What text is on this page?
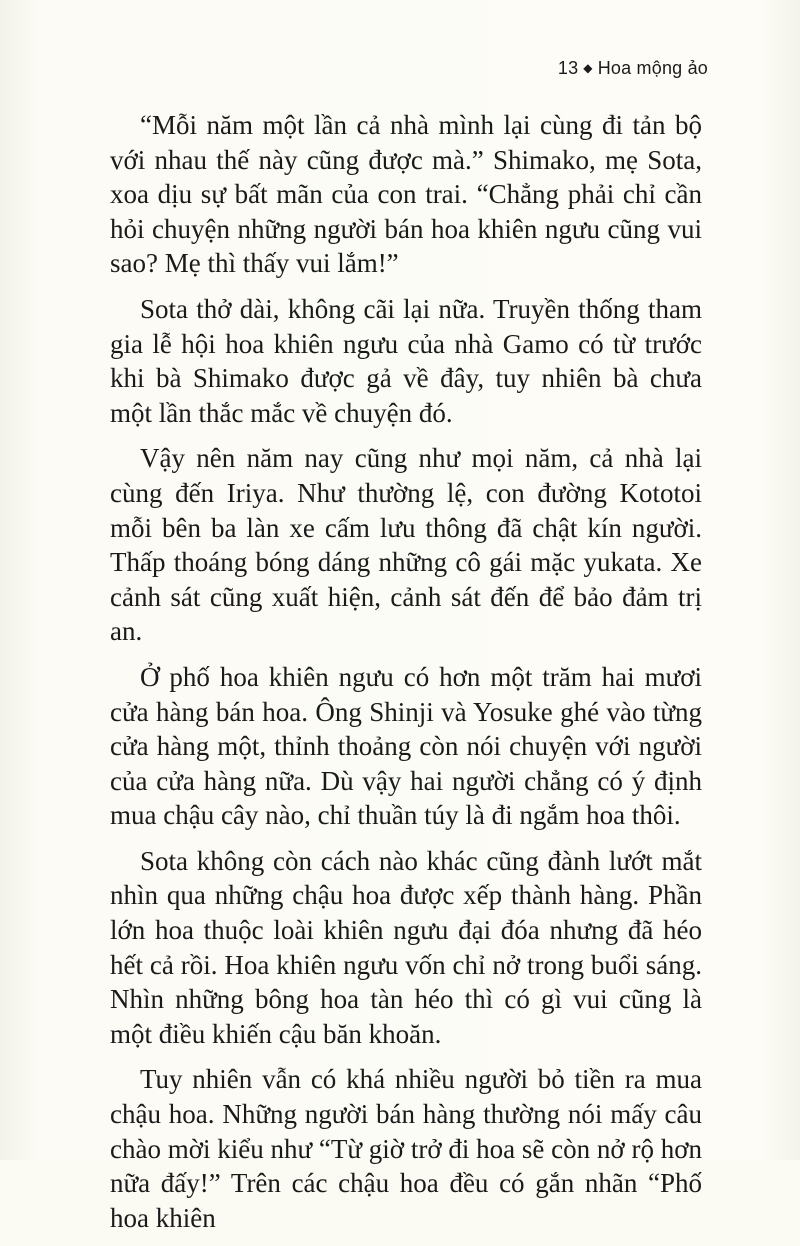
13 ◆ Hoa mộng ảo

“Mỗi năm một lần cả nhà mình lại cùng đi tản bộ với nhau thế này cũng được mà.” Shimako, mẹ Sota, xoa dịu sự bất mãn của con trai. “Chẳng phải chỉ cần hỏi chuyện những người bán hoa khiên ngưu cũng vui sao? Mẹ thì thấy vui lắm!”

Sota thở dài, không cãi lại nữa. Truyền thống tham gia lễ hội hoa khiên ngưu của nhà Gamo có từ trước khi bà Shimako được gả về đây, tuy nhiên bà chưa một lần thắc mắc về chuyện đó.

Vậy nên năm nay cũng như mọi năm, cả nhà lại cùng đến Iriya. Như thường lệ, con đường Kototoi mỗi bên ba làn xe cấm lưu thông đã chật kín người. Thấp thoáng bóng dáng những cô gái mặc yukata. Xe cảnh sát cũng xuất hiện, cảnh sát đến để bảo đảm trị an.

Ở phố hoa khiên ngưu có hơn một trăm hai mươi cửa hàng bán hoa. Ông Shinji và Yosuke ghé vào từng cửa hàng một, thỉnh thoảng còn nói chuyện với người của cửa hàng nữa. Dù vậy hai người chẳng có ý định mua chậu cây nào, chỉ thuần túy là đi ngắm hoa thôi.

Sota không còn cách nào khác cũng đành lướt mắt nhìn qua những chậu hoa được xếp thành hàng. Phần lớn hoa thuộc loài khiên ngưu đại đóa nhưng đã héo hết cả rồi. Hoa khiên ngưu vốn chỉ nở trong buổi sáng. Nhìn những bông hoa tàn héo thì có gì vui cũng là một điều khiến cậu băn khoăn.

Tuy nhiên vẫn có khá nhiều người bỏ tiền ra mua chậu hoa. Những người bán hàng thường nói mấy câu chào mời kiểu như “Từ giờ trở đi hoa sẽ còn nở rộ hơn nữa đấy!” Trên các chậu hoa đều có gắn nhãn “Phố hoa khiên
